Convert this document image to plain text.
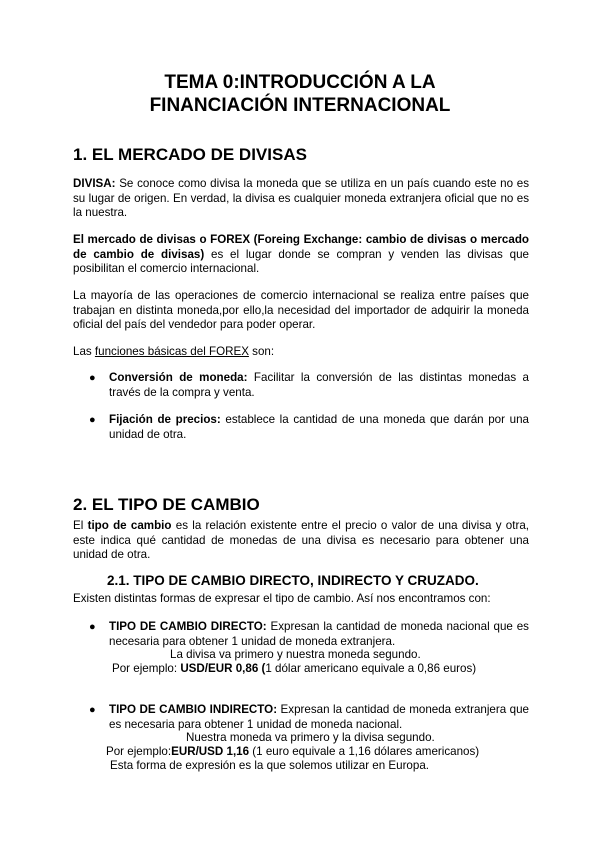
TEMA 0:INTRODUCCIÓN A LA
FINANCIACIÓN INTERNACIONAL
1. EL MERCADO DE DIVISAS

DIVISA: Se conoce como divisa la moneda que se utiliza en un país cuando este no es su lugar de origen. En verdad, la divisa es cualquier moneda extranjera oficial que no es la nuestra.

El mercado de divisas o FOREX (Foreing Exchange: cambio de divisas o mercado de cambio de divisas) es el lugar donde se compran y venden las divisas que posibilitan el comercio internacional.

La mayoría de las operaciones de comercio internacional se realiza entre países que trabajan en distinta moneda,por ello,la necesidad del importador de adquirir la moneda oficial del país del vendedor para poder operar.

Las funciones básicas del FOREX son:

● Conversión de moneda: Facilitar la conversión de las distintas monedas a través de la compra y venta.

● Fijación de precios: establece la cantidad de una moneda que darán por una unidad de otra.

2. EL TIPO DE CAMBIO

El tipo de cambio es la relación existente entre el precio o valor de una divisa y otra, este indica qué cantidad de monedas de una divisa es necesario para obtener una unidad de otra.

2.1. TIPO DE CAMBIO DIRECTO, INDIRECTO Y CRUZADO.
Existen distintas formas de expresar el tipo de cambio. Así nos encontramos con:
● TIPO DE CAMBIO DIRECTO: Expresan la cantidad de moneda nacional que es necesaria para obtener 1 unidad de moneda extranjera.

La divisa va primero y nuestra moneda segundo.
Por ejemplo: USD/EUR 0,86 (1 dólar americano equivale a 0,86 euros)
● TIPO DE CAMBIO INDIRECTO: Expresan la cantidad de moneda extranjera que es necesaria para obtener 1 unidad de moneda nacional.

Nuestra moneda va primero y la divisa segundo.
Por ejemplo:EUR/USD 1,16 (1 euro equivale a 1,16 dólares americanos)
Esta forma de expresión es la que solemos utilizar en Europa.
